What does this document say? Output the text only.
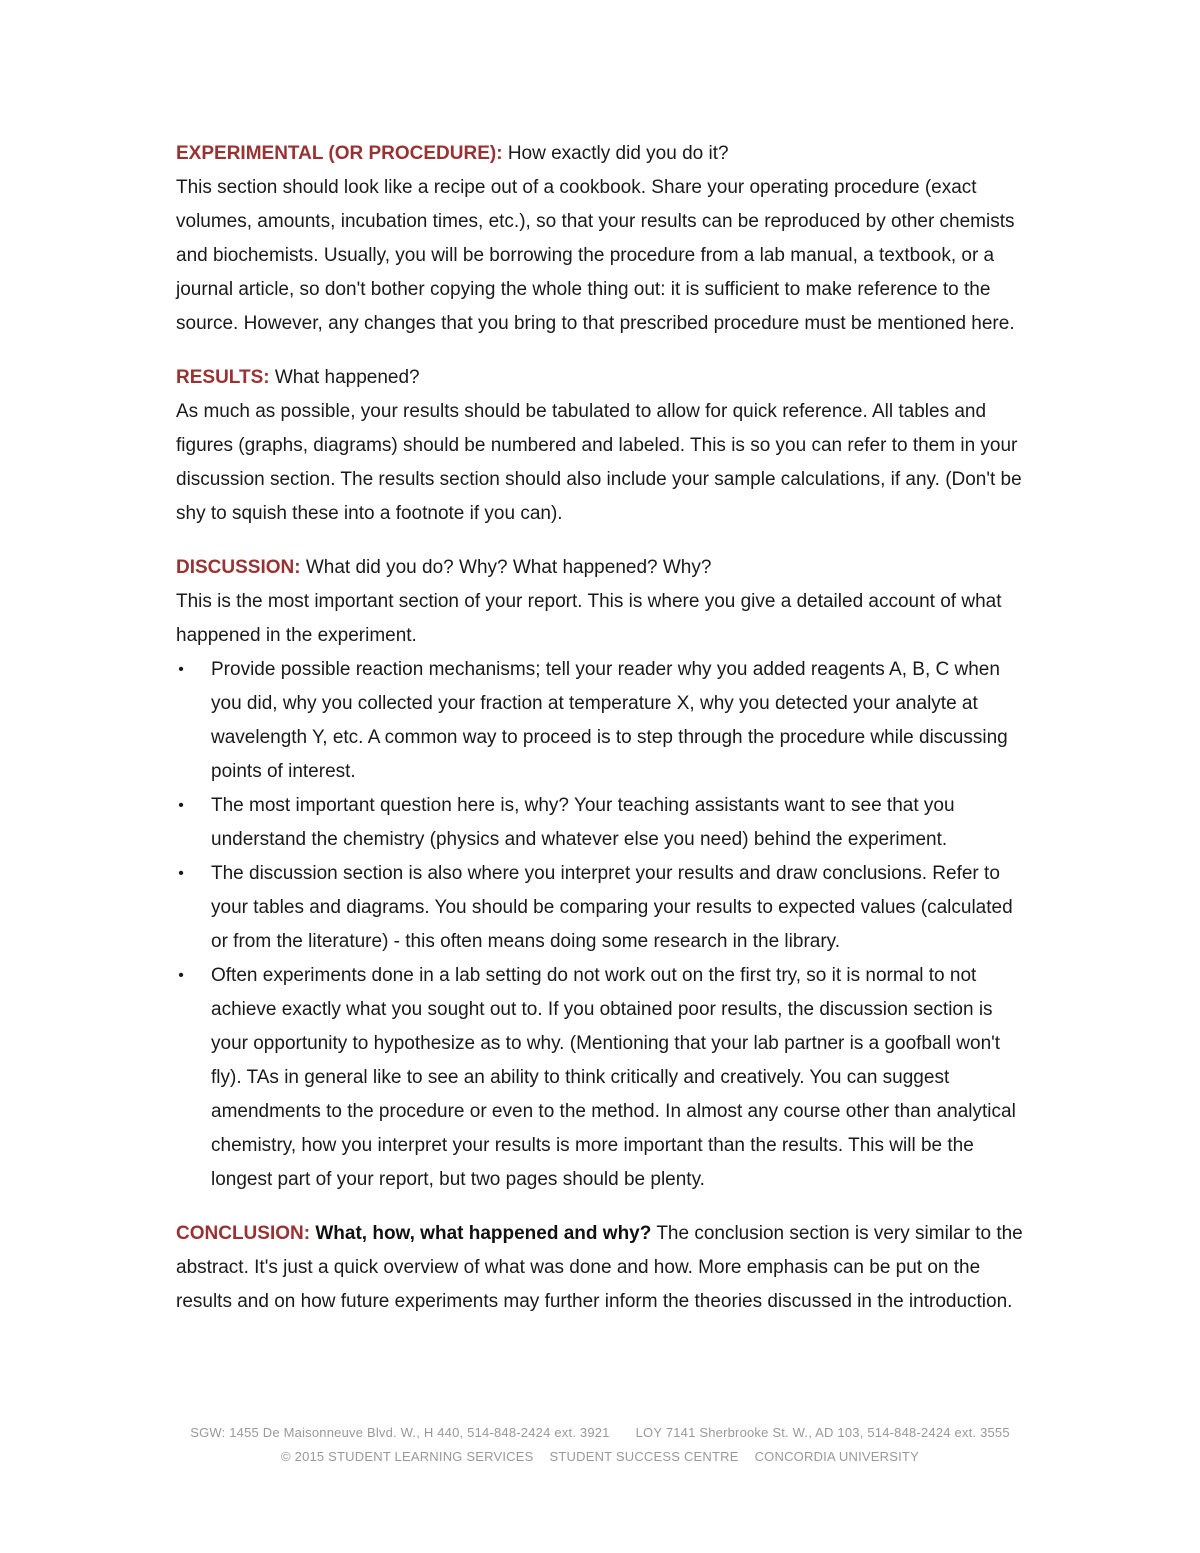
EXPERIMENTAL (OR PROCEDURE): How exactly did you do it?

This section should look like a recipe out of a cookbook. Share your operating procedure (exact volumes, amounts, incubation times, etc.), so that your results can be reproduced by other chemists and biochemists. Usually, you will be borrowing the procedure from a lab manual, a textbook, or a journal article, so don't bother copying the whole thing out: it is sufficient to make reference to the source. However, any changes that you bring to that prescribed procedure must be mentioned here.

RESULTS: What happened?

As much as possible, your results should be tabulated to allow for quick reference. All tables and figures (graphs, diagrams) should be numbered and labeled. This is so you can refer to them in your discussion section. The results section should also include your sample calculations, if any. (Don't be shy to squish these into a footnote if you can).

DISCUSSION: What did you do? Why? What happened? Why?

This is the most important section of your report. This is where you give a detailed account of what happened in the experiment.

• Provide possible reaction mechanisms; tell your reader why you added reagents A, B, C when you did, why you collected your fraction at temperature X, why you detected your analyte at wavelength Y, etc. A common way to proceed is to step through the procedure while discussing points of interest.
• The most important question here is, why? Your teaching assistants want to see that you understand the chemistry (physics and whatever else you need) behind the experiment.
• The discussion section is also where you interpret your results and draw conclusions. Refer to your tables and diagrams. You should be comparing your results to expected values (calculated or from the literature) - this often means doing some research in the library.
• Often experiments done in a lab setting do not work out on the first try, so it is normal to not achieve exactly what you sought out to. If you obtained poor results, the discussion section is your opportunity to hypothesize as to why. (Mentioning that your lab partner is a goofball won't fly). TAs in general like to see an ability to think critically and creatively. You can suggest amendments to the procedure or even to the method. In almost any course other than analytical chemistry, how you interpret your results is more important than the results. This will be the longest part of your report, but two pages should be plenty.

CONCLUSION: What, how, what happened and why? The conclusion section is very similar to the abstract. It's just a quick overview of what was done and how. More emphasis can be put on the results and on how future experiments may further inform the theories discussed in the introduction.

SGW: 1455 De Maisonneuve Blvd. W., H 440, 514-848-2424 ext. 3921 LOY 7141 Sherbrooke St. W., AD 103, 514-848-2424 ext. 3555
© 2015 STUDENT LEARNING SERVICES STUDENT SUCCESS CENTRE CONCORDIA UNIVERSITY
